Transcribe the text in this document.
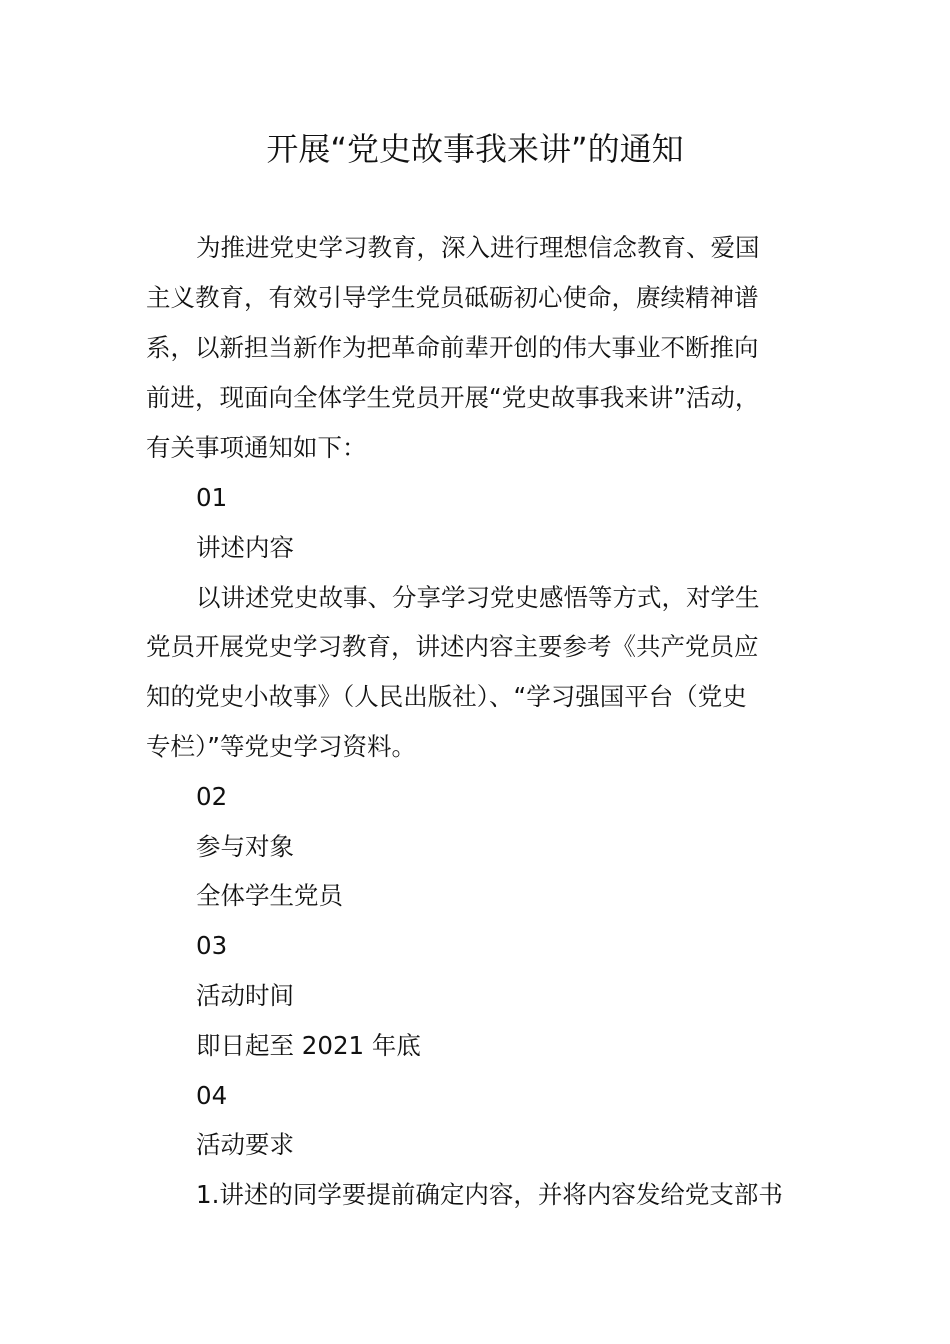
开展“党史故事我来讲”的通知
为推进党史学习教育，深入进行理想信念教育、爱国
主义教育，有效引导学生党员砥砺初心使命，赓续精神谱
系，以新担当新作为把革命前辈开创的伟大事业不断推向
前进，现面向全体学生党员开展“党史故事我来讲”活动，
有关事项通知如下：
01
讲述内容
以讲述党史故事、分享学习党史感悟等方式，对学生
党员开展党史学习教育，讲述内容主要参考《共产党员应
知的党史小故事》（人民出版社）、“学习强国平台（党史
专栏）”等党史学习资料。
02
参与对象
全体学生党员
03
活动时间
即日起至 2021 年底
04
活动要求
1.讲述的同学要提前确定内容，并将内容发给党支部书
